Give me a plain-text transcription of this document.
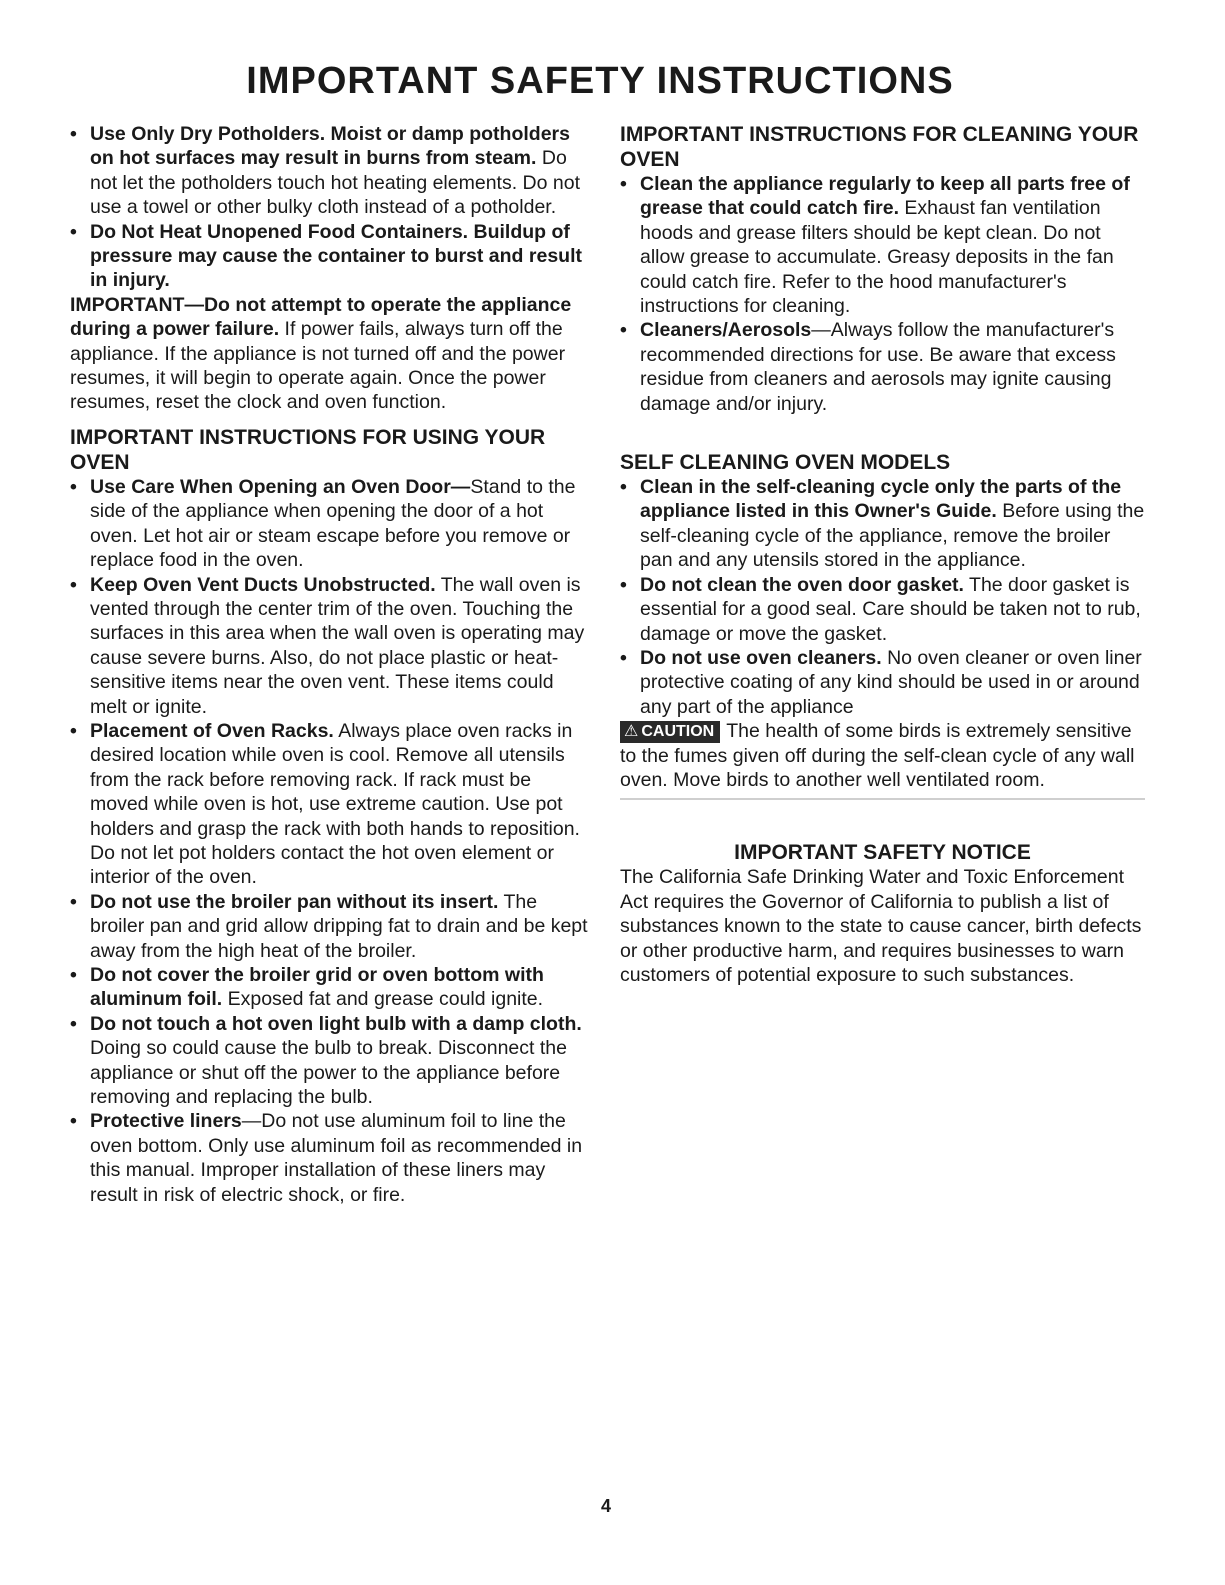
IMPORTANT SAFETY INSTRUCTIONS

• Use Only Dry Potholders. Moist or damp potholders on hot surfaces may result in burns from steam. Do not let the potholders touch hot heating elements. Do not use a towel or other bulky cloth instead of a potholder.

• Do Not Heat Unopened Food Containers. Buildup of pressure may cause the container to burst and result in injury.

IMPORTANT—Do not attempt to operate the appliance during a power failure. If power fails, always turn off the appliance. If the appliance is not turned off and the power resumes, it will begin to operate again. Once the power resumes, reset the clock and oven function.

IMPORTANT INSTRUCTIONS FOR USING YOUR OVEN

• Use Care When Opening an Oven Door—Stand to the side of the appliance when opening the door of a hot oven. Let hot air or steam escape before you remove or replace food in the oven.

• Keep Oven Vent Ducts Unobstructed. The wall oven is vented through the center trim of the oven. Touching the surfaces in this area when the wall oven is operating may cause severe burns. Also, do not place plastic or heat-sensitive items near the oven vent. These items could melt or ignite.

• Placement of Oven Racks. Always place oven racks in desired location while oven is cool. Remove all utensils from the rack before removing rack. If rack must be moved while oven is hot, use extreme caution. Use pot holders and grasp the rack with both hands to reposition. Do not let pot holders contact the hot oven element or interior of the oven.

• Do not use the broiler pan without its insert. The broiler pan and grid allow dripping fat to drain and be kept away from the high heat of the broiler.

• Do not cover the broiler grid or oven bottom with aluminum foil. Exposed fat and grease could ignite.

• Do not touch a hot oven light bulb with a damp cloth. Doing so could cause the bulb to break. Disconnect the appliance or shut off the power to the appliance before removing and replacing the bulb.

• Protective liners—Do not use aluminum foil to line the oven bottom. Only use aluminum foil as recommended in this manual. Improper installation of these liners may result in risk of electric shock, or fire.

IMPORTANT INSTRUCTIONS FOR CLEANING YOUR OVEN

• Clean the appliance regularly to keep all parts free of grease that could catch fire. Exhaust fan ventilation hoods and grease filters should be kept clean. Do not allow grease to accumulate. Greasy deposits in the fan could catch fire. Refer to the hood manufacturer's instructions for cleaning.

• Cleaners/Aerosols—Always follow the manufacturer's recommended directions for use. Be aware that excess residue from cleaners and aerosols may ignite causing damage and/or injury.

SELF CLEANING OVEN MODELS

• Clean in the self-cleaning cycle only the parts of the appliance listed in this Owner's Guide. Before using the self-cleaning cycle of the appliance, remove the broiler pan and any utensils stored in the appliance.

• Do not clean the oven door gasket. The door gasket is essential for a good seal. Care should be taken not to rub, damage or move the gasket.

• Do not use oven cleaners. No oven cleaner or oven liner protective coating of any kind should be used in or around any part of the appliance

⚠ CAUTION The health of some birds is extremely sensitive to the fumes given off during the self-clean cycle of any wall oven. Move birds to another well ventilated room.

IMPORTANT SAFETY NOTICE

The California Safe Drinking Water and Toxic Enforcement Act requires the Governor of California to publish a list of substances known to the state to cause cancer, birth defects or other productive harm, and requires businesses to warn customers of potential exposure to such substances.

4
